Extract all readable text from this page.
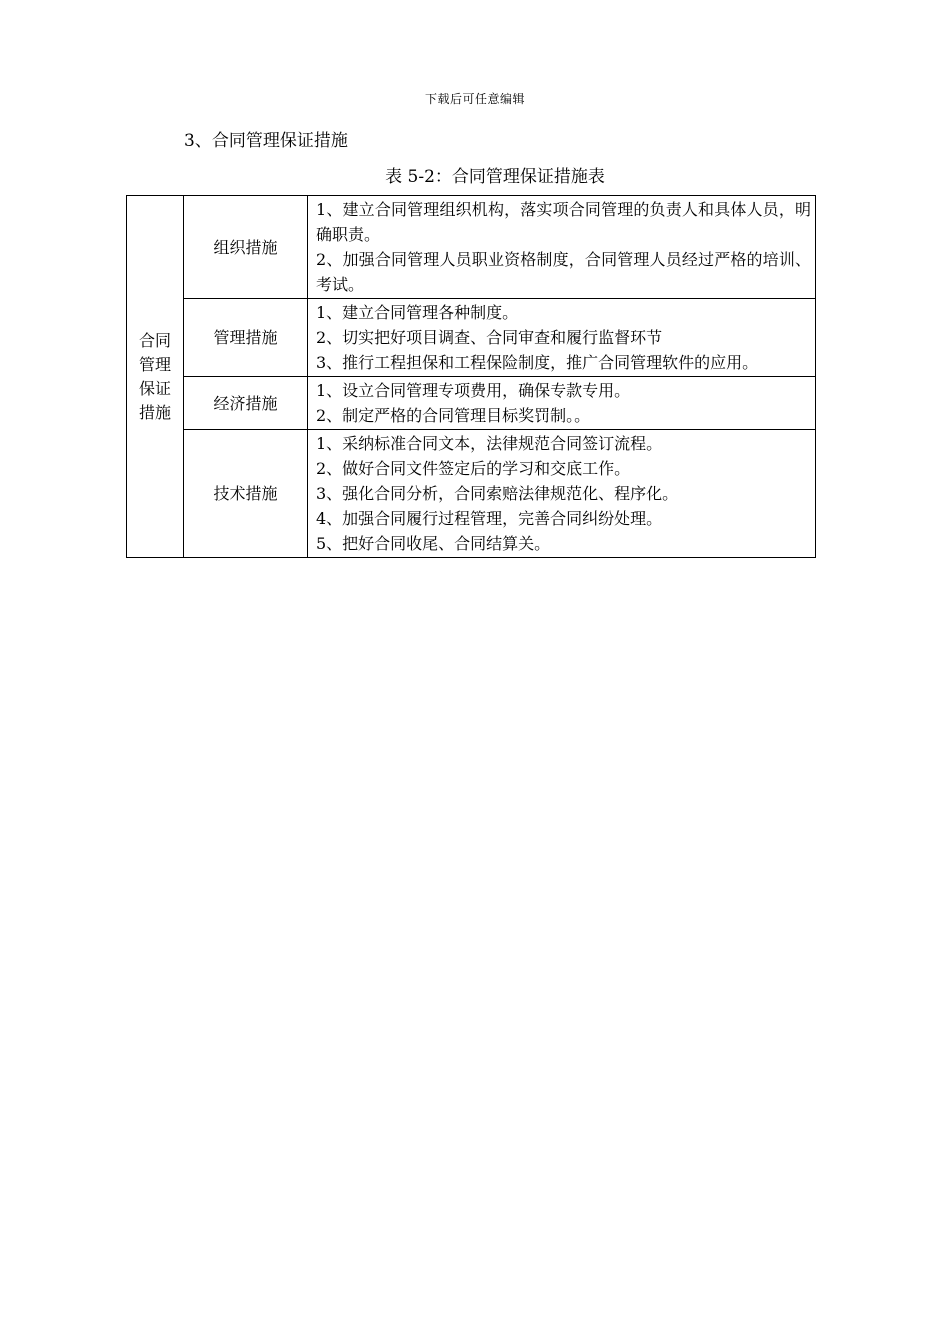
下载后可任意编辑
3、合同管理保证措施
表 5-2：合同管理保证措施表
合同
管理
保证
措施	组织措施	1、建立合同管理组织机构，落实项合同管理的负责人和具体人员，明确职责。
2、加强合同管理人员职业资格制度，合同管理人员经过严格的培训、考试。

	管理措施	1、建立合同管理各种制度。
2、切实把好项目调查、合同审查和履行监督环节
3、推行工程担保和工程保险制度，推广合同管理软件的应用。

	经济措施	1、设立合同管理专项费用，确保专款专用。
2、制定严格的合同管理目标奖罚制。。

	技术措施	1、采纳标准合同文本，法律规范合同签订流程。
2、做好合同文件签定后的学习和交底工作。
3、强化合同分析，合同索赔法律规范化、程序化。
4、加强合同履行过程管理，完善合同纠纷处理。
5、把好合同收尾、合同结算关。
